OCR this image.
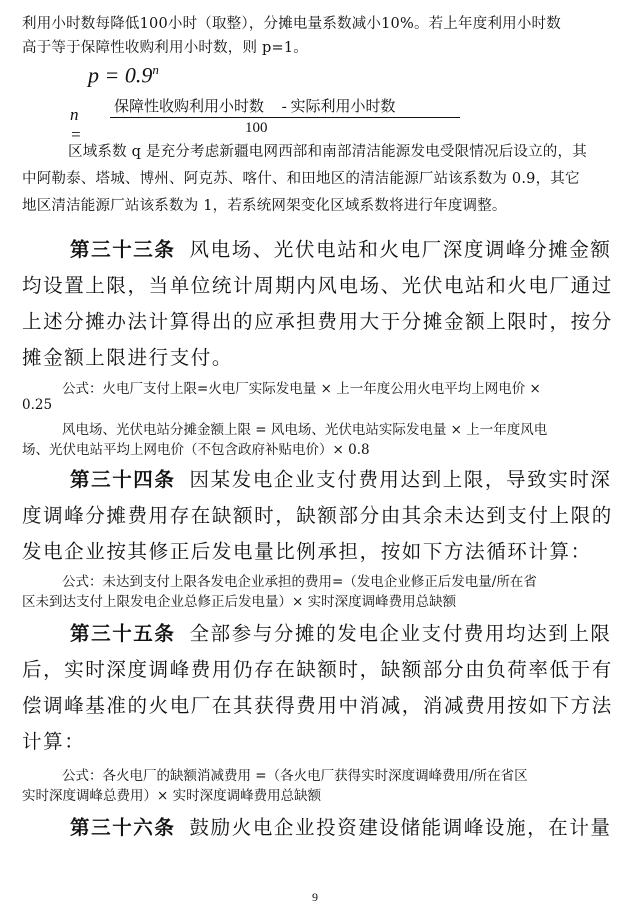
利用小时数每降低100小时（取整），分摊电量系数减小10%。若上年度利用小时数
高于等于保障性收购利用小时数，则 p=1。
$p = 0.9^n$
n =
保障性收购利用小时数 - 实际利用小时数
100
区域系数 q 是充分考虑新疆电网西部和南部清洁能源发电受限情况后设立的，其
中阿勒泰、塔城、博州、阿克苏、喀什、和田地区的清洁能源厂站该系数为 0.9，其它
地区清洁能源厂站该系数为 1，若系统网架变化区域系数将进行年度调整。
第三十三条 风电场、光伏电站和火电厂深度调峰分摊金额
均设置上限，当单位统计周期内风电场、光伏电站和火电厂通过
上述分摊办法计算得出的应承担费用大于分摊金额上限时，按分
摊金额上限进行支付。
公式：火电厂支付上限=火电厂实际发电量 × 上一年度公用火电平均上网电价 ×
0.25
风电场、光伏电站分摊金额上限 = 风电场、光伏电站实际发电量 × 上一年度风电
场、光伏电站平均上网电价（不包含政府补贴电价）× 0.8
第三十四条 因某发电企业支付费用达到上限，导致实时深
度调峰分摊费用存在缺额时，缺额部分由其余未达到支付上限的
发电企业按其修正后发电量比例承担，按如下方法循环计算：
公式：未达到支付上限各发电企业承担的费用=（发电企业修正后发电量/所在省
区未到达支付上限发电企业总修正后发电量）× 实时深度调峰费用总缺额
第三十五条 全部参与分摊的发电企业支付费用均达到上限
后，实时深度调峰费用仍存在缺额时，缺额部分由负荷率低于有
偿调峰基准的火电厂在其获得费用中消减，消减费用按如下方法
计算：
公式：各火电厂的缺额消减费用 =（各火电厂获得实时深度调峰费用/所在省区
实时深度调峰总费用）× 实时深度调峰费用总缺额
第三十六条 鼓励火电企业投资建设储能调峰设施，在计量
9
